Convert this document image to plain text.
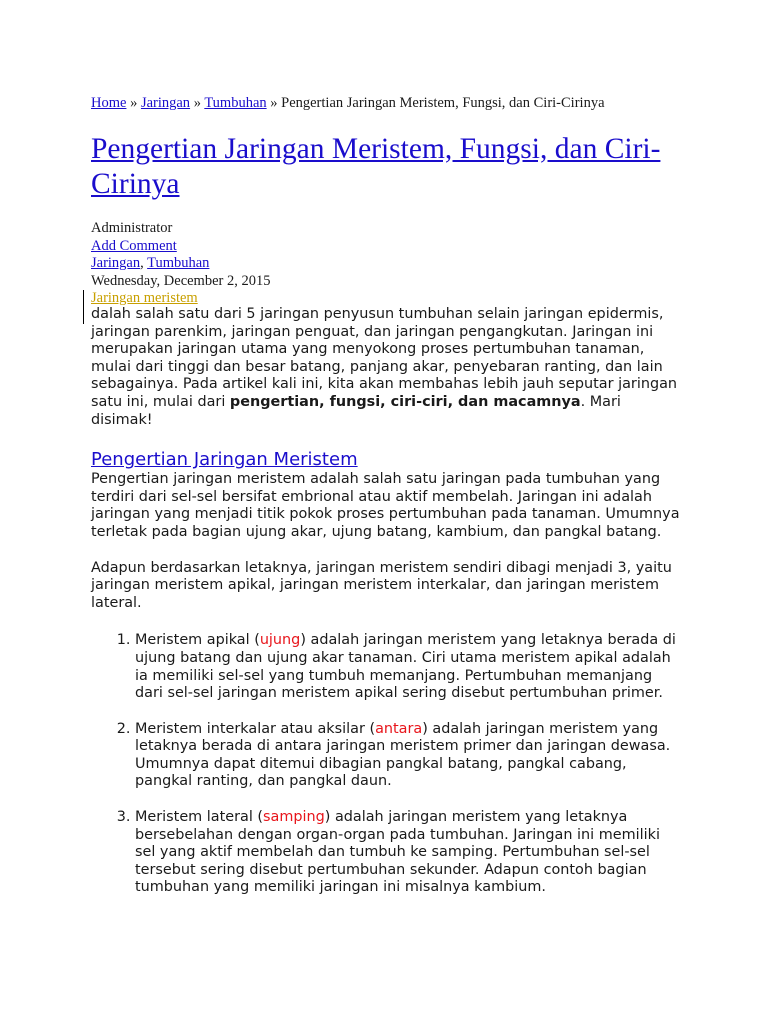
Home » Jaringan » Tumbuhan » Pengertian Jaringan Meristem, Fungsi, dan Ciri-Cirinya
Pengertian Jaringan Meristem, Fungsi, dan Ciri-Cirinya
Administrator
Add Comment
Jaringan, Tumbuhan
Wednesday, December 2, 2015
Jaringan meristem

dalah salah satu dari 5 jaringan penyusun tumbuhan selain jaringan epidermis, jaringan parenkim, jaringan penguat, dan jaringan pengangkutan. Jaringan ini merupakan jaringan utama yang menyokong proses pertumbuhan tanaman, mulai dari tinggi dan besar batang, panjang akar, penyebaran ranting, dan lain sebagainya. Pada artikel kali ini, kita akan membahas lebih jauh seputar jaringan satu ini, mulai dari pengertian, fungsi, ciri-ciri, dan macamnya. Mari disimak!

Pengertian Jaringan Meristem

Pengertian jaringan meristem adalah salah satu jaringan pada tumbuhan yang terdiri dari sel-sel bersifat embrional atau aktif membelah. Jaringan ini adalah jaringan yang menjadi titik pokok proses pertumbuhan pada tanaman. Umumnya terletak pada bagian ujung akar, ujung batang, kambium, dan pangkal batang.

Adapun berdasarkan letaknya, jaringan meristem sendiri dibagi menjadi 3, yaitu jaringan meristem apikal, jaringan meristem interkalar, dan jaringan meristem lateral.

1. Meristem apikal (ujung) adalah jaringan meristem yang letaknya berada di ujung batang dan ujung akar tanaman. Ciri utama meristem apikal adalah ia memiliki sel-sel yang tumbuh memanjang. Pertumbuhan memanjang dari sel-sel jaringan meristem apikal sering disebut pertumbuhan primer.
2. Meristem interkalar atau aksilar (antara) adalah jaringan meristem yang letaknya berada di antara jaringan meristem primer dan jaringan dewasa. Umumnya dapat ditemui dibagian pangkal batang, pangkal cabang, pangkal ranting, dan pangkal daun.
3. Meristem lateral (samping) adalah jaringan meristem yang letaknya bersebelahan dengan organ-organ pada tumbuhan. Jaringan ini memiliki sel yang aktif membelah dan tumbuh ke samping. Pertumbuhan sel-sel tersebut sering disebut pertumbuhan sekunder. Adapun contoh bagian tumbuhan yang memiliki jaringan ini misalnya kambium.
